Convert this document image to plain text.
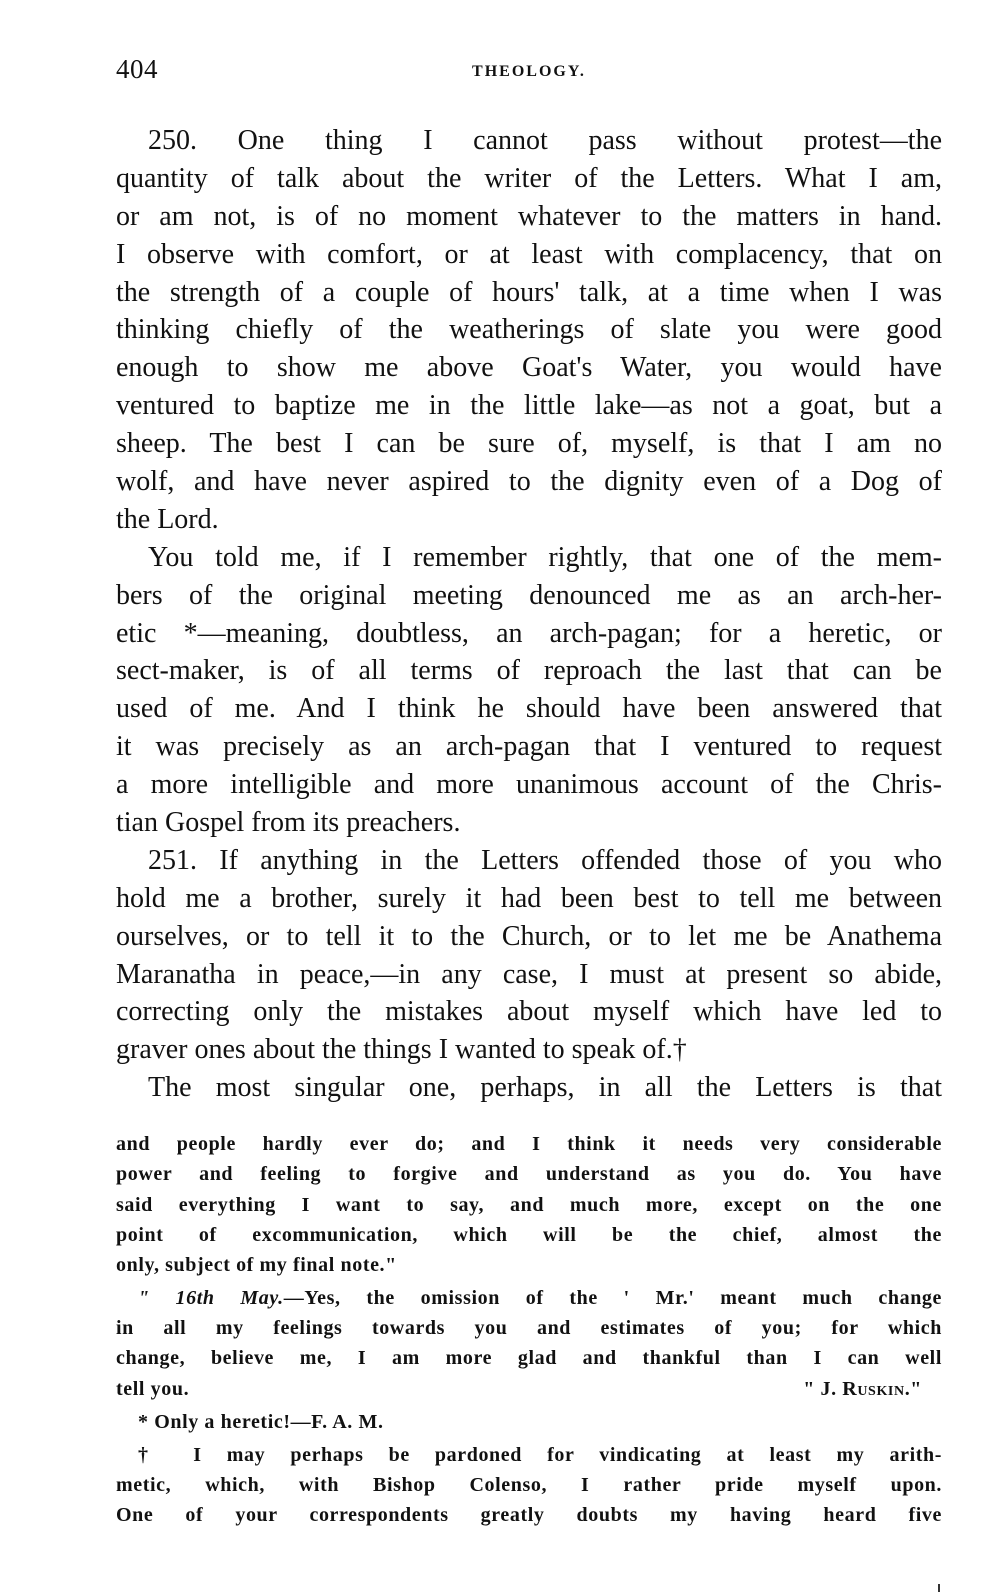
404	THEOLOGY.
250. One thing I cannot pass without protest—the
quantity of talk about the writer of the Letters. What I am,
or am not, is of no moment whatever to the matters in hand.
I observe with comfort, or at least with complacency, that on
the strength of a couple of hours' talk, at a time when I was
thinking chiefly of the weatherings of slate you were good
enough to show me above Goat's Water, you would have
ventured to baptize me in the little lake—as not a goat, but a
sheep. The best I can be sure of, myself, is that I am no
wolf, and have never aspired to the dignity even of a Dog of
the Lord.
You told me, if I remember rightly, that one of the mem-
bers of the original meeting denounced me as an arch-her-
etic *—meaning, doubtless, an arch-pagan; for a heretic, or
sect-maker, is of all terms of reproach the last that can be
used of me. And I think he should have been answered that
it was precisely as an arch-pagan that I ventured to request
a more intelligible and more unanimous account of the Chris-
tian Gospel from its preachers.
251. If anything in the Letters offended those of you who
hold me a brother, surely it had been best to tell me between
ourselves, or to tell it to the Church, or to let me be Anathema
Maranatha in peace,—in any case, I must at present so abide,
correcting only the mistakes about myself which have led to
graver ones about the things I wanted to speak of.†
The most singular one, perhaps, in all the Letters is that
and people hardly ever do; and I think it needs very considerable
power and feeling to forgive and understand as you do. You have
said everything I want to say, and much more, except on the one
point of excommunication, which will be the chief, almost the
only, subject of my final note."
" 16th May.—Yes, the omission of the ' Mr.' meant much change
in all my feelings towards you and estimates of you; for which
change, believe me, I am more glad and thankful than I can well
tell you.	" J. Ruskin."
* Only a heretic!—F. A. M.
† I may perhaps be pardoned for vindicating at least my arith-
metic, which, with Bishop Colenso, I rather pride myself upon.
One of your correspondents greatly doubts my having heard five
